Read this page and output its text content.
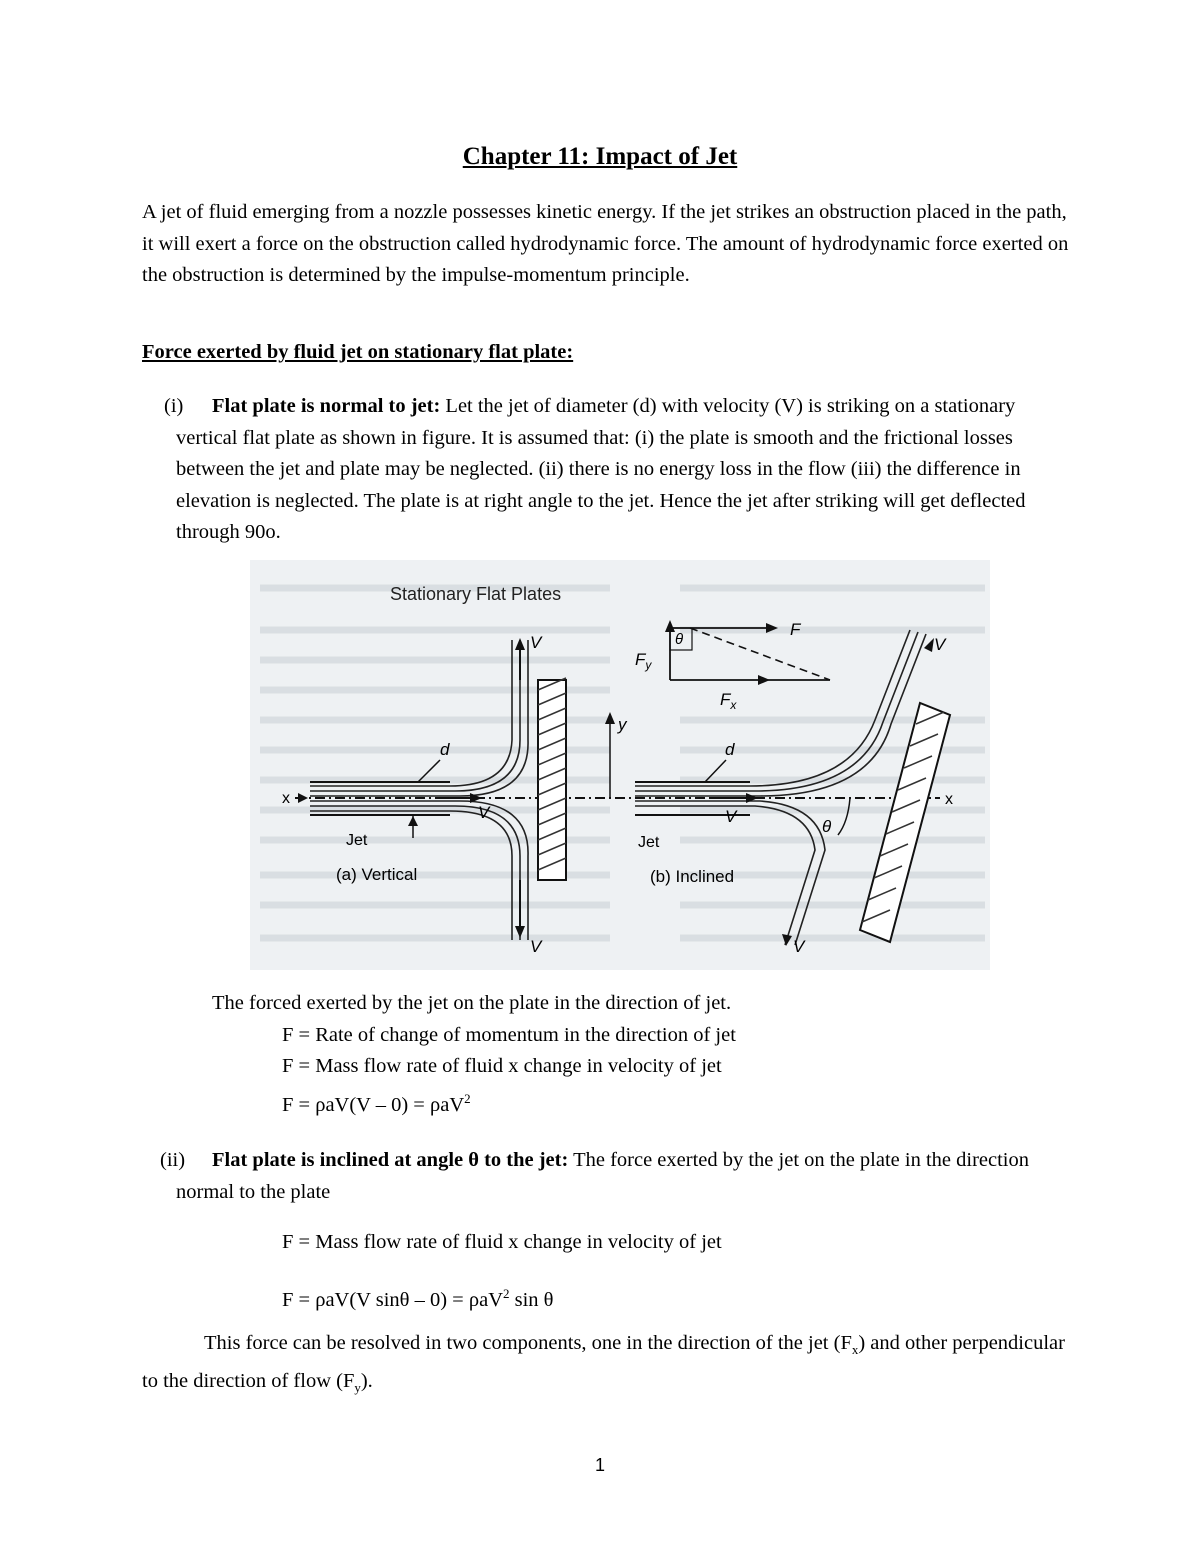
Chapter 11: Impact of Jet
A jet of fluid emerging from a nozzle possesses kinetic energy. If the jet strikes an obstruction placed in the path, it will exert a force on the obstruction called hydrodynamic force. The amount of hydrodynamic force exerted on the obstruction is determined by the impulse-momentum principle.
Force exerted by fluid jet on stationary flat plate:
(i) Flat plate is normal to jet: Let the jet of diameter (d) with velocity (V) is striking on a stationary vertical flat plate as shown in figure. It is assumed that: (i) the plate is smooth and the frictional losses between the jet and plate may be neglected. (ii) there is no energy loss in the flow (iii) the difference in elevation is neglected. The plate is at right angle to the jet. Hence the jet after striking will get deflected through 90o.
Stationary Flat Plates
x	x
V
V
V
d
y
Jet
(a) Vertical
V
V
V
d
θ
F
$F_x$
$F_y$
θ
Jet
(b) Inclined
The forced exerted by the jet on the plate in the direction of jet.
F = Rate of change of momentum in the direction of jet
F = Mass flow rate of fluid x change in velocity of jet
F = ρaV(V – 0) = ρaV$^2$
(ii) Flat plate is inclined at angle θ to the jet: The force exerted by the jet on the plate in the direction normal to the plate
F = Mass flow rate of fluid x change in velocity of jet
F = ρaV(V sinθ – 0) = ρaV$^2$ sin θ
This force can be resolved in two components, one in the direction of the jet $(F_x)$ and other perpendicular to the direction of flow $(F_y)$.
1
